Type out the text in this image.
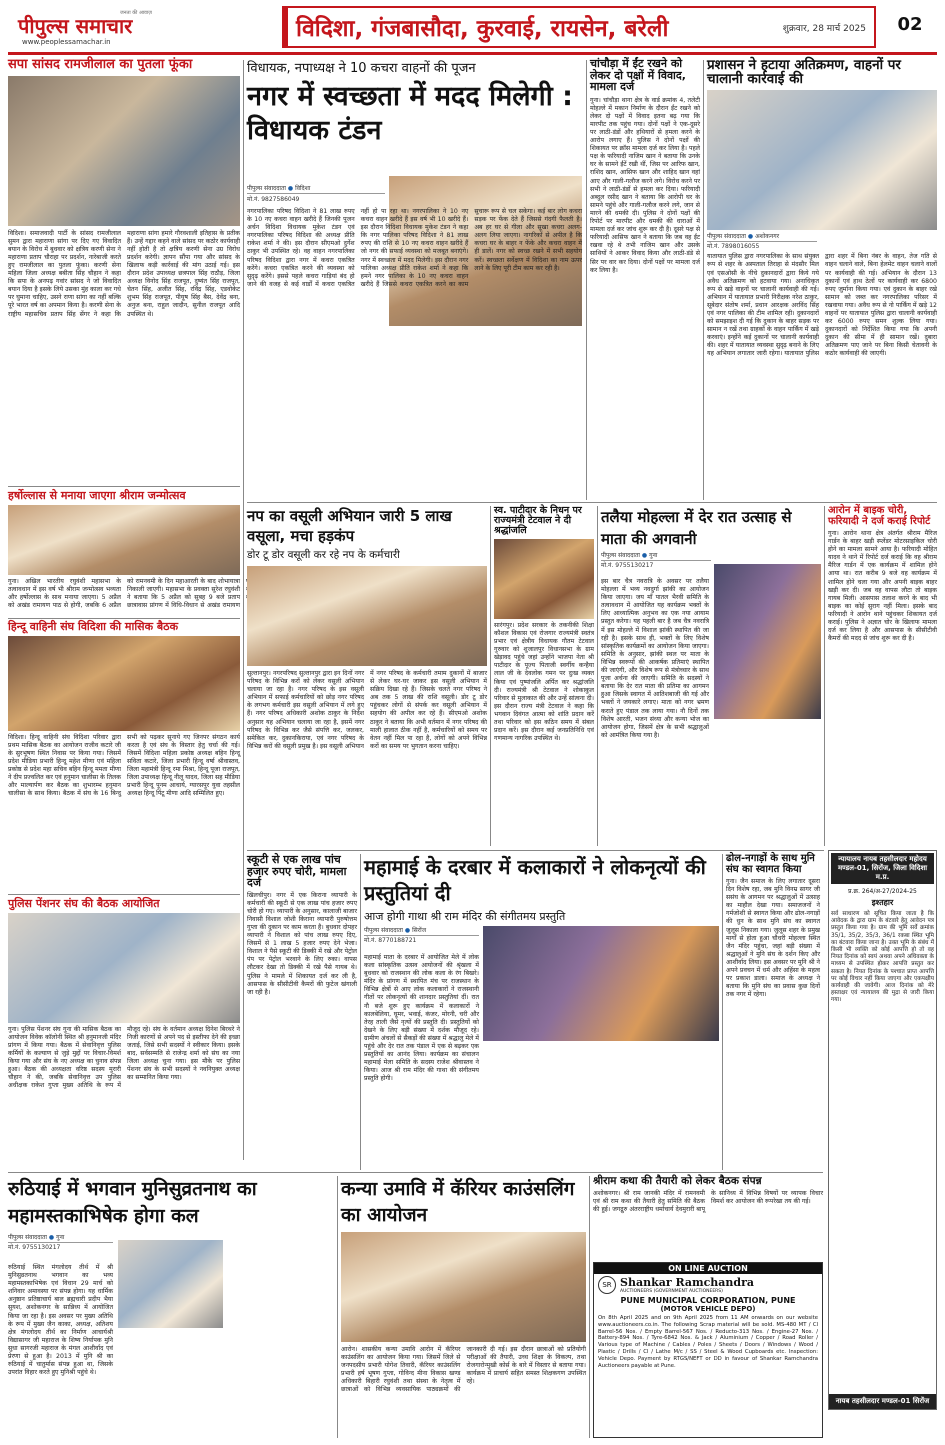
पीपुल्स समाचार
www.peoplessamachar.in
जनता की आवाज़
विदिशा, गंजबासौदा, कुरवाई, रायसेन, बरेली	शुक्रवार, 28 मार्च 2025	02
सपा सांसद रामजीलाल का पुतला फूंका
विदिशा। समाजवादी पार्टी के सांसद रामजीलाल सुमन द्वारा महाराणा सांगा पर दिए गए विवादित बयान के विरोध में बुधवार को क्षत्रिय करणी सेना ने महाराणा प्रताप चौराहा पर प्रदर्शन, नारेबाजी करते हुए रामजीलाल का पुतला फूंका। करणी सेना महिला जिला अध्यक्ष बबीता सिंह चौहान ने कहा कि सपा के अनपढ़ गवांर सांसद ने जो विवादित बयान दिया है इसके लिये उसका मुंह काला कर गधे पर घुमाना चाहिए, उसने राणा सांगा का नहीं बल्कि पूरे भारत वर्ष का अपमान किया है। करणी सेना के राष्ट्रीय महासचिव प्रताप सिंह सेंगर ने कहा कि महाराणा सांगा हमारे गौरवशाली इतिहास के प्रतीक हैं। उन्हें गद्दार कहने वाले सांसद पर कठोर कार्यवाही नहीं होती है तो क्षत्रिय करणी सेना उग्र विरोध प्रदर्शन करेगी। ज्ञापन सौंपा गया और सांसद के खिलाफ कड़ी कार्रवाई की मांग उठाई गई। इस दौरान प्रदेश उपाध्यक्ष छत्रपाल सिंह राठौड़, जिला अध्यक्ष विनोद सिंह राजपूत, दुष्यंत सिंह राजपूत, चेतन सिंह, अजीत सिंह, रविंद्र सिंह, एडवोकेट शुभम सिंह राजपूत, पीयूष सिंह बैस, देवेंद्र बना, अनुज बना, राहुल जादौन, सुनील राजपूत आदि उपस्थित थे।
हर्षोल्लास से मनाया जाएगा श्रीराम जन्मोत्सव
गुना। अखिल भारतीय रघुवंशी महासभा के तत्वावधान में इस वर्ष भी श्रीराम जन्मोत्सव भव्यता और हर्षोल्लास के साथ मनाया जाएगा। 5 अप्रैल को अखंड रामायण पाठ से होगी, जबकि 6 अप्रैल को रामनवमी के दिन महाआरती के बाद शोभायात्रा निकाली जाएगी। महासभा के प्रवक्ता सुरेश रघुवंशी ने बताया कि 5 अप्रैल को सुबह 9 बजे प्रताप छात्रावास प्रांगण में विधि-विधान से अखंड रामायण
हिन्दू वाहिनी संघ विदिशा की मासिक बैठक
विदिशा। हिन्दू वाहिनी संघ विदिशा परिवार द्वारा प्रथम मासिक बैठक का आयोजन राजीव कटारे जी के सुरभूषण स्थित निवास पर किया गया। जिसमें प्रदेश मीडिया प्रभारी हिन्दू महेश मीणा एवं महिला प्रकोष्ठ से प्रदेश महा सचिव बहिन हिन्दू ममता मीणा ने दीप प्रज्वलित कर एवं हनुमान चालीसा के तिलक और माल्यार्पण कर बैठक का शुभारम्भ हनुमान चालीसा के साथ किया। बैठक में संघ के 16 बिन्दु सभी को पढ़कर सुनाये गए जिनपर संगठन कार्य करता है एवं संघ के विस्तार हेतु चर्चा की गई। जिसमें विदिशा महिला प्रकोष्ठ अध्यक्ष बहिन हिन्दू सविता कटारे, जिला प्रभारी हिन्दू वर्षा श्रीवास्तव, जिला महामंत्री हिन्दू रमा मिश्रा, हिन्दू पूजा राजपूत, जिला उपाध्यक्ष हिन्दू नीलू यादव, जिला सह मीडिया प्रभारी हिन्दू पूनम आचार्य, ग्यारसपुर युवा तहसील अध्यक्ष हिन्दू पिंटू मीणा आदि सम्मिलित हुए।
पुलिस पेंशनर संघ की बैठक आयोजित
गुना। पुलिस पेंशनर संघ गुना की मासिक बैठक का आयोजन विवेक कॉलोनी स्थित श्री हनुमानजी मंदिर प्रांगण में किया गया। बैठक में सेवानिवृत्त पुलिस कर्मियों के कल्याण से जुड़े मुद्दों पर विचार-विमर्श किया गया और संघ के नए अध्यक्ष का चुनाव संपन्न हुआ। बैठक की अध्यक्षता वरिष्ठ सदस्य मुरारी चौहान ने की, जबकि सेवानिवृत्त उप पुलिस अधीक्षक राकेश गुप्ता मुख्य अतिथि के रूप में मौजूद रहे। संघ के वर्तमान अध्यक्ष दिनेश बिरथरे ने निजी कारणों से अपने पद से इस्तीफा देने की इच्छा जताई, जिसे सभी सदस्यों ने स्वीकार किया। इसके बाद, सर्वसम्मति से राजेन्द्र शर्मा को संघ का नया जिला अध्यक्ष चुना गया। इस मौके पर पुलिस पेंशनर संघ के सभी सदस्यों ने नवनियुक्त अध्यक्ष का सम्मानित किया गया।
विधायक, नपाध्यक्ष ने 10 कचरा वाहनों की पूजन
नगर में स्वच्छता में मदद मिलेगी : विधायक टंडन
पीपुल्स संवाददाता ● विदिशा
मो.नं. 9827586049
नगरपालिका परिषद विदिशा ने 81 लाख रुपए के 10 नए कचरा वाहन खरीदे हैं जिनकी पूजन अर्चन विदिशा विधायक मुकेश टंडन एवं नगरपालिका परिषद विदिशा की अध्यक्ष प्रीति राकेश शर्मा ने की। इस दौरान सीएमओ दुर्गेश ठाकुर भी उपस्थित रहे। वह वाहन नगरपालिका परिषद विदिशा द्वारा नगर में कचरा एकत्रित करेंगे। कचरा एकत्रित करने की व्यवस्था को सुदृढ़ करेंगे। इससे पहले कचरा गाड़ियां बंद हो जाने की वजह से कई वार्डों में कचरा एकत्रित नहीं हो पा रहा था। नगरपालिका ने 10 नए कचरा वाहन खरीदे हैं इस वर्ष भी 10 खरीदे हैं। इस दौरान विदिशा विधायक मुकेश टंडन ने कहा कि नगर पालिका परिषद विदिशा ने 81 लाख रुपए की राशि से 10 नए कचरा वाहन खरीदे हैं जो नगर की सफाई व्यवस्था को मजबूत बनाएंगे। नगर में स्वच्छता में मदद मिलेगी। इस दौरान नगर पालिका अध्यक्ष प्रीति राकेश शर्मा ने कहा कि हमने नगर पालिका के 10 नए कचरा वाहन खरीदे हैं जिससे कचरा एकत्रित करने का काम सुचारू रूप से चल सकेगा। कई बार लोग कचरा सड़क पर फेंक देते हैं जिससे गंदगी फैलती है। अब हर घर से गीला और सूखा कचरा अलग-अलग लिया जाएगा। नागरिकों से अपील है कि कचरा घर के बाहर न फेंके और कचरा वाहन में ही डालें। नगर को स्वच्छ रखने में सभी सहयोग करें। स्वच्छता सर्वेक्षण में विदिशा का नाम ऊपर लाने के लिए पूरी टीम काम कर रही है।
चांचौड़ा में ईंट रखने को लेकर दो पक्षों में विवाद, मामला दर्ज
गुना। चांचौड़ा थाना क्षेत्र के वार्ड क्रमांक 4, तलेटी मोहल्ले में मकान निर्माण के दौरान ईंट रखने को लेकर दो पक्षों में विवाद इतना बढ़ गया कि मारपीट तक पहुंच गया। दोनों पक्षों ने एक-दूसरे पर लाठी-डंडों और हथियारों से हमला करने के आरोप लगाए हैं। पुलिस ने दोनों पक्षों की शिकायत पर क्रॉस मामला दर्ज कर लिया है। पहले पक्ष के फरियादी नाजिम खान ने बताया कि उनके घर के सामने ईंटें रखी थीं, जिस पर आरिफ खान, राशिद खान, आसिफ खान और शाहिद खान वहां आए और गाली-गलौज करने लगे। विरोध करने पर सभी ने लाठी-डंडों से हमला कर दिया। फरियादी अब्दुल रसीद खान ने बताया कि आरोपी घर के सामने पहुंचे और गाली-गलौज करने लगे, जान से मारने की धमकी दी। पुलिस ने दोनों पक्षों की रिपोर्ट पर मारपीट और धमकी की धाराओं में मामला दर्ज कर जांच शुरू कर दी है। दूसरे पक्ष से फरियादी आसिफ खान ने बताया कि जब वह ईंट रखवा रहे थे तभी नाजिम खान और उसके साथियों ने आकर विवाद किया और लाठी-डंडे से सिर पर वार कर दिया। दोनों पक्षों पर मामला दर्ज कर लिया है।
प्रशासन ने हटाया अतिक्रमण, वाहनों पर चालानी कार्रवाई की
पीपुल्स संवाददाता ● अशोकनगर
मो.नं. 7898016055
यातायात पुलिस द्वारा नगरपालिका के साथ संयुक्त रूप से शहर के अस्पताल तिराहा से मंदसौर मिल एवं एसओसी के नीचे दुकानदारों द्वारा किये गये अवैध अतिक्रमण को हटवाया गया। अनाधिकृत रूप से खड़े वाहनों पर चालानी कार्यवाही की गई। अभियान में यातायात प्रभारी निरीक्षक नरेश ठाकुर, सूबेदार संतोष शर्मा, प्रधान आरक्षक अरविंद सिंह एवं नगर पालिका की टीम शामिल रही। दुकानदारों को समझाइश दी गई कि दुकान के बाहर सड़क पर सामान न रखें तथा ग्राहकों के वाहन पार्किंग में खड़े करवाएं। इन्होंने कई दुकानों पर चालानी कार्यवाही की। शहर में यातायात व्यवस्था सुदृढ़ बनाने के लिए यह अभियान लगातार जारी रहेगा। यातायात पुलिस द्वारा शहर में बिना नंबर के वाहन, तेज गति से वाहन चलाने वाले, बिना हेलमेट वाहन चलाने वालों पर कार्यवाही की गई। अभियान के दौरान 13 दुकानों एवं हाथ ठेलों पर कार्यवाही कर 6800 रुपए जुर्माना किया गया। एवं दुकान के बाहर रखे सामान को जब्त कर नगरपालिका परिसर में रखवाया गया। अवैध रूप से नो पार्किंग में खड़े 12 वाहनों पर यातायात पुलिस द्वारा चालानी कार्यवाही कर 6000 रुपए समन शुल्क लिया गया। दुकानदारों को निर्देशित किया गया कि अपनी दुकान की सीमा में ही सामान रखें। दुबारा अतिक्रमण पाए जाने पर बिना किसी चेतावनी के कठोर कार्यवाही की जाएगी।
नप का वसूली अभियान जारी 5 लाख वसूला, मचा हड़कंप
डोर टू डोर वसूली कर रहे नप के कर्मचारी
सुल्तानपुर। नगरपरिषद सुल्तानपुर द्वारा इन दिनों नगर परिषद के विभिन्न करों को लेकर वसूली अभियान चलाया जा रहा है। नगर परिषद के इस वसूली अभियान में सफाई कर्मचारियों को छोड़ नगर परिषद के लगभग कर्मचारी इस वसूली अभियान में लगे हुए हैं। नगर परिषद अधिकारी अशोक ठाकुर के निर्देश अनुसार यह अभियान चलाया जा रहा है, इसमें नगर परिषद के विभिन्न कर जैसे संपत्ति कर, जलकर, समेकित कर, दुकानकिराया, एवं नगर परिषद के विभिन्न करों की वसूली प्रमुख है। इस वसूली अभियान में नगर परिषद के कर्मचारी तमाम दुकानों में बाजार से लेकर घर-घर जाकर इस वसूली अभियान में सक्रिय दिखा रहे हैं। जिसके चलते नगर परिषद ने अब तक 5 लाख की राशि वसूली। डोर टू डोर पहुंचकर लोगों से संपर्क कर वसूली अभियान में सहयोग की अपील कर रहे हैं। सीएमओ अशोक ठाकुर ने बताया कि अभी वर्तमान में नगर परिषद की माली हालात ठीक नहीं है, कर्मचारियों को समय पर वेतन नहीं मिल पा रहा है, लोगों को अपने विभिन्न करों का समय पर भुगतान करना चाहिए।
स्व. पाटीदार के निधन पर राज्यमंत्री टेटवाल ने दी श्रद्धांजलि
सारंगपुर। प्रदेश सरकार के तकनीकी शिक्षा कौशल विकास एवं रोजगार राज्यमंत्री स्वतंत्र प्रभार एवं क्षेत्रीय विधायक गौतम टेटवाल गुरुवार को शुजालपुर विधानसभा के ग्राम खेड़ावद पहुंचे जहां उन्होंने भाजपा नेता श्री पाटीदार के पूज्य पिताजी स्वर्गीय कन्हैया लाल जी के देवलोक गमन पर दुःख व्यक्त किया एवं पुष्पांजलि अर्पित कर श्रद्धांजलि दी। राज्यमंत्री श्री टेटवाल ने शोकाकुल परिवार से मुलाकात की और उन्हें सांत्वना दी। इस दौरान राज्य मंत्री टेटवाल ने कहा कि भगवान दिवंगत आत्मा को शांति प्रदान करें तथा परिवार को इस कठिन समय में संबल प्रदान करें। इस दौरान कई जनप्रतिनिधि एवं गणमान्य नागरिक उपस्थित थे।
तलैया मोहल्ला में देर रात उत्साह से माता की अगवानी
पीपुल्स संवाददाता ● गुना
मो.नं. 9755130217
इस बार चैत्र नवरात्रि के अवसर पर तलैया मोहल्ला में भव्य नवदुर्गा झांकी का आयोजन किया जाएगा। जय माँ पातल भैरवी समिति के तत्वावधान में आयोजित यह कार्यक्रम भक्तों के लिए आध्यात्मिक अनुभव का एक नया आयाम प्रस्तुत करेगा। यह पहली बार है जब चैत्र नवरात्रि में इस मोहल्ले में विशाल झांकी स्थापित की जा रही है। इसके साथ ही, भक्तों के लिए विशेष सांस्कृतिक कार्यक्रमों का आयोजन किया जाएगा। समिति के अनुसार, झांकी स्थल पर माता के विभिन्न स्वरूपों की आकर्षक प्रतिमाएं स्थापित की जाएंगी, और विशेष रूप से मंत्रोच्चार के साथ पूजा अर्चना की जाएगी। समिति के सदस्यों ने बताया कि देर रात माता की प्रतिमा का आगमन हुआ जिसके स्वागत में आतिशबाजी की गई और भक्तों ने जयकारे लगाए। माता को नगर भ्रमण कराते हुए पंडाल तक लाया गया। नौ दिनों तक विशेष आरती, भजन संध्या और कन्या भोज का आयोजन होगा, जिसमें क्षेत्र के सभी श्रद्धालुओं को आमंत्रित किया गया है।
आरोन में बाइक चोरी, फरियादी ने दर्ज कराई रिपोर्ट
गुना। आरोन थाना क्षेत्र अंतर्गत श्रीराम मैरिज गार्डन के बाहर खड़ी स्प्लेंडर मोटरसाइकिल चोरी होने का मामला सामने आया है। फरियादी मोहित यादव ने थाने में रिपोर्ट दर्ज कराई कि वह श्रीराम मैरिज गार्डन में एक कार्यक्रम में शामिल होने आया था। रात करीब 9 बजे वह कार्यक्रम में शामिल होने चला गया और अपनी बाइक बाहर खड़ी कर दी। जब वह वापस लौटा तो बाइक गायब मिली। आसपास तलाश करने के बाद भी बाइक का कोई सुराग नहीं मिला। इसके बाद फरियादी ने आरोन थाने पहुंचकर शिकायत दर्ज कराई। पुलिस ने अज्ञात चोर के खिलाफ मामला दर्ज कर लिया है और आसपास के सीसीटीवी कैमरों की मदद से जांच शुरू कर दी है।
स्कूटी से एक लाख पांच हजार रुपए चोरी, मामला दर्ज
खिलचीपुर। नगर में एक किराना व्यापारी के कर्मचारी की स्कूटी से एक लाख पांच हजार रुपए चोरी हो गए। व्यापारी के अनुसार, कालाजी बाजार निवासी विशाल जोशी किराना व्यापारी पुरुषोत्तम गुप्ता की दुकान पर काम करता है। बुधवार दोपहर व्यापारी ने विशाल को पांच लाख रुपए दिए, जिसमें से 1 लाख 5 हजार रुपए देने भेजा। विशाल ने पैसे स्कूटी की डिक्की में रखे और पेट्रोल पंप पर पेट्रोल भरवाने के लिए रुका। वापस लौटकर देखा तो डिक्की में रखे पैसे गायब थे। पुलिस ने मामले में शिकायत दर्ज कर ली है, आसपास के सीसीटीवी कैमरों की फुटेज खंगाली जा रही है।
महामाई के दरबार में कलाकारों ने लोकनृत्यों की प्रस्तुतियां दी
आज होगी गाथा श्री राम मंदिर की संगीतमय प्रस्तुति
पीपुल्स संवाददाता ● सिरोंज
मो.नं. 8770188721
महामाई माता के दरबार में आयोजित मेले में लोक कला सांस्कृतिक उत्सव आयोजनों की श्रृंखला में बुधवार को राजस्थान की लोक कला के रंग बिखरे। मंदिर के प्रांगण में स्थापित मंच पर राजस्थान के विभिन्न क्षेत्रों से आए लोक कलाकारों ने राजस्थानी गीतों पर लोकनृत्यों की शानदार प्रस्तुतियां दीं। रात नौ बजे शुरू हुए कार्यक्रम में कलाकारों ने कालबेलिया, घूमर, भवाई, कंजर, मोरनी, चरी और तेरह ताली जैसे नृत्यों की प्रस्तुति दी। प्रस्तुतियों को देखने के लिए बड़ी संख्या में दर्शक मौजूद रहे। ग्रामीण अंचलों से सैकड़ों की संख्या में श्रद्धालु मेले में पहुंचे और देर रात तक पंडाल में एक से बढ़कर एक प्रस्तुतियों का आनंद लिया। कार्यक्रम का संचालन महामाई मेला समिति के सदस्य राजेश श्रीवास्तव ने किया। आज श्री राम मंदिर की गाथा की संगीतमय प्रस्तुति होगी।
ढोल-नगाड़ों के साथ मुनि संघ का स्वागत किया
गुना। जैन समाज के लिए लगातार दूसरा दिन विशेष रहा, जब मुनि विनम्र सागर जी ससंघ के आगमन पर श्रद्धालुओं में उत्साह का माहौल देखा गया। समाजजनों ने गर्मजोशी से स्वागत किया और ढोल-नगाड़ों की धुन के साथ मुनि संघ का स्वागत जुलूस निकाला गया। जुलूस शहर के प्रमुख मार्गों से होता हुआ चौधरी मोहल्ला स्थित जैन मंदिर पहुंचा, जहां बड़ी संख्या में श्रद्धालुओं ने मुनि संघ के दर्शन किए और आशीर्वाद लिया। इस अवसर पर मुनि श्री ने अपने प्रवचन में धर्म और अहिंसा के महत्व पर प्रकाश डाला। समाज के अध्यक्ष ने बताया कि मुनि संघ का प्रवास कुछ दिनों तक नगर में रहेगा।
न्यायालय नायब तहसीलदार महोदय मण्डल-01, सिरोंज, जिला विदिशा म.प्र.
प्र.क्र. 264/अ-27/2024-25
इश्तहार
सर्व साधारण को सूचित किया जाता है कि आवेदक के द्वारा ग्राम के बंटवारे हेतु आवेदन पत्र प्रस्तुत किया गया है। ग्राम की भूमि सर्वे क्रमांक 35/1, 35/2, 35/3, 36/1 रकबा स्थित भूमि का बंटवारा किया जाना है। उक्त भूमि के संबंध में किसी भी व्यक्ति को कोई आपत्ति हो तो वह नियत दिनांक को स्वयं अथवा अपने अधिवक्ता के माध्यम से उपस्थित होकर आपत्ति प्रस्तुत कर सकता है। नियत दिनांक के पश्चात प्राप्त आपत्ति पर कोई विचार नहीं किया जाएगा और एकपक्षीय कार्यवाही की जावेगी। आज दिनांक को मेरे हस्ताक्षर एवं न्यायालय की मुद्रा से जारी किया गया।
नायब तहसीलदार मण्डल-01 सिरोंज
रुठियाई में भगवान मुनिसुव्रतनाथ का महामस्तकाभिषेक होगा कल
पीपुल्स संवाददाता ● गुना
मो.नं. 9755130217
रुठियाई स्थित मंगलोदय तीर्थ में श्री मुनिसुव्रतनाथ भगवान का भव्य महामस्तकाभिषेक एवं विधान 29 मार्च को शनिवार अमावस्या पर संपन्न होगा। यह धार्मिक अनुष्ठान प्रतिष्ठाचार्य बाल ब्रह्मचारी प्रदीप भैया सुयश, अशोकनगर के सान्निध्य में आयोजित किया जा रहा है। इस अवसर पर मुख्य अतिथि के रूप में मुख्य जैन काका, अध्यक्ष, अतिशय क्षेत्र मंगलोदय तीर्थ का निर्माण आचार्यश्री विद्यासागर जी महाराज के शिष्य निर्यापक मुनि सुधा सागरजी महाराज के मंगल आशीर्वाद एवं प्रेरणा से हुआ है। 2013 में मुनि श्री का रुठियाई में चातुर्मास संपन्न हुआ था, जिसके उपरांत विहार करते हुए मुनिश्री पहुंचे थे।
कन्या उमावि में कॅरियर काउंसलिंग का आयोजन
आरोन। शासकीय कन्या उमावि आरोन में कॅरियर काउंसलिंग का आयोजन किया गया। जिसमें जिले से जनपदसीय प्रभारी योगेश तिवारी, कॅरियर काउंसलिंग प्रभारी हर्ष भूषण गुप्ता, गोविन्द मीना विकास खण्ड अधिकारी बिहारी रघुवंशी तथा संस्था के नेतृत्व में छात्राओं को विभिन्न व्यवसायिक पाठ्यक्रमों की जानकारी दी गई। इस दौरान छात्राओं को प्रतियोगी परीक्षाओं की तैयारी, उच्च शिक्षा के विकल्प, तथा रोजगारोन्मुखी कोर्स के बारे में विस्तार से बताया गया। कार्यक्रम में प्राचार्य सहित समस्त शिक्षकगण उपस्थित रहे।
श्रीराम कथा की तैयारी को लेकर बैठक संपन्न
अशोकनगर। श्री राम जानकी मंदिर में रामनवमी एवं श्री राम कथा की तैयारी हेतु समिति की बैठक की हुई। जगद्गुरु अंतरराष्ट्रीय धर्माचार्य देवमुरारी बापू के सानिध्य में विभिन्न विषयों पर व्यापक विचार विमर्श कर आयोजन की रूपरेखा तय की गई।
ON LINE AUCTION
SR Shankar Ramchandra
AUCTIONEERS (GOVERNMENT AUCTIONEERS)
PUNE MUNICIPAL CORPORATION, PUNE
(MOTOR VEHICLE DEPO)
On 8th April 2025 and on 9th April 2025 from 11 AM onwards on our website www.auctioneers.co.in. The following Scrap material will be sold. MS-480 MT / Cl Barrel-56 Nos. / Empty Barrel-567 Nos. / Reducto-313 Nos. / Engine-27 Nos. / Battery-894 Nos. / Tyre-6842 Nos. & Jack / Aluminium / Copper / Road Roller / Various type of Machine / Cables / Poles / Sheets / Doors / Windows / Wood / Plastic / Drills / Cl / Lathe M/c / SS / Steel & Wood Cupboards etc. Inspection: Vehicle Depo. Payment by RTGS/NEFT or DD in favour of Shankar Ramchandra Auctioneers payable at Pune.
